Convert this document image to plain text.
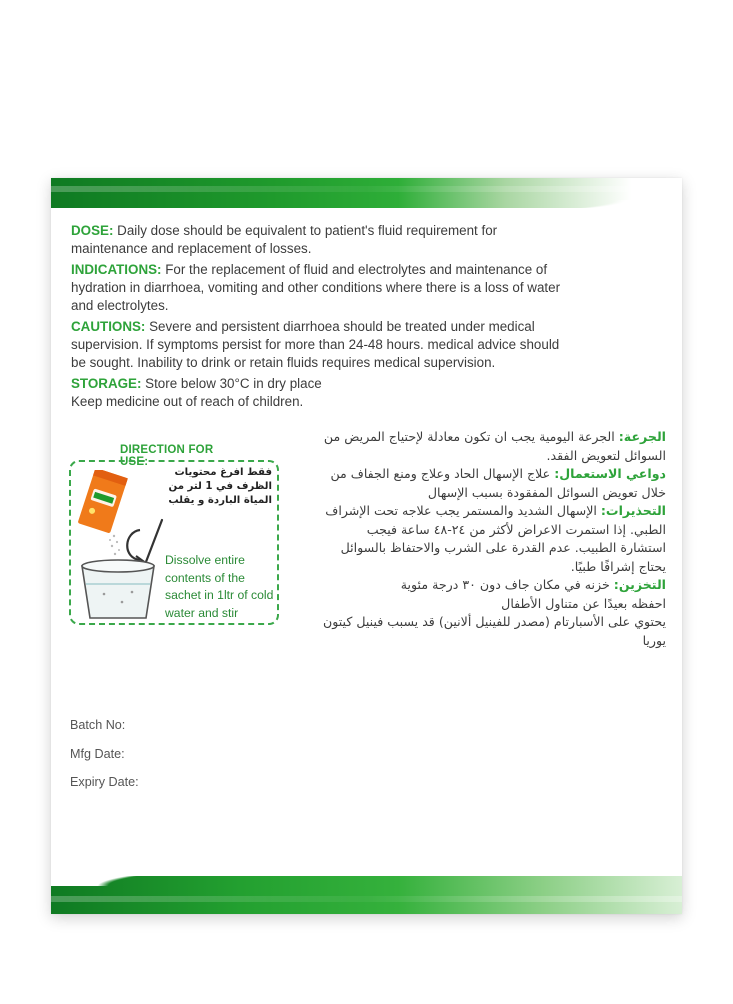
DOSE: Daily dose should be equivalent to patient's fluid requirement for maintenance and replacement of losses.

INDICATIONS: For the replacement of fluid and electrolytes and maintenance of hydration in diarrhoea, vomiting and other conditions where there is a loss of water and electrolytes.

CAUTIONS: Severe and persistent diarrhoea should be treated under medical supervision. If symptoms persist for more than 24-48 hours. medical advice should be sought. Inability to drink or retain fluids requires medical supervision.

STORAGE: Store below 30°C in dry place
Keep medicine out of reach of children.

DIRECTION FOR USE:
فقط افرغ محتويات الظرف في 1 لتر من المياة الباردة و يقلب
Dissolve entire contents of the sachet in 1ltr of cold water and stir

الجرعة: الجرعة اليومية يجب ان تكون معادلة لإحتياج المريض من السوائل لتعويض الفقد.

دواعي الاستعمال: علاج الإسهال الحاد وعلاج ومنع الجفاف من خلال تعويض السوائل المفقودة بسبب الإسهال

التحذيرات: الإسهال الشديد والمستمر يجب علاجه تحت الإشراف الطبي. إذا استمرت الاعراض لأكثر من ٢٤-٤٨ ساعة فيجب استشارة الطبيب. عدم القدرة على الشرب والاحتفاظ بالسوائل يحتاج إشرافًا طبيًا.

التخزين: خزنه في مكان جاف دون ٣٠ درجة مئوية

احفظه بعيدًا عن متناول الأطفال

يحتوي على الأسبارتام (مصدر للفينيل ألانين) قد يسبب فينيل كيتون يوريا

Batch No:
Mfg Date:
Expiry Date:
